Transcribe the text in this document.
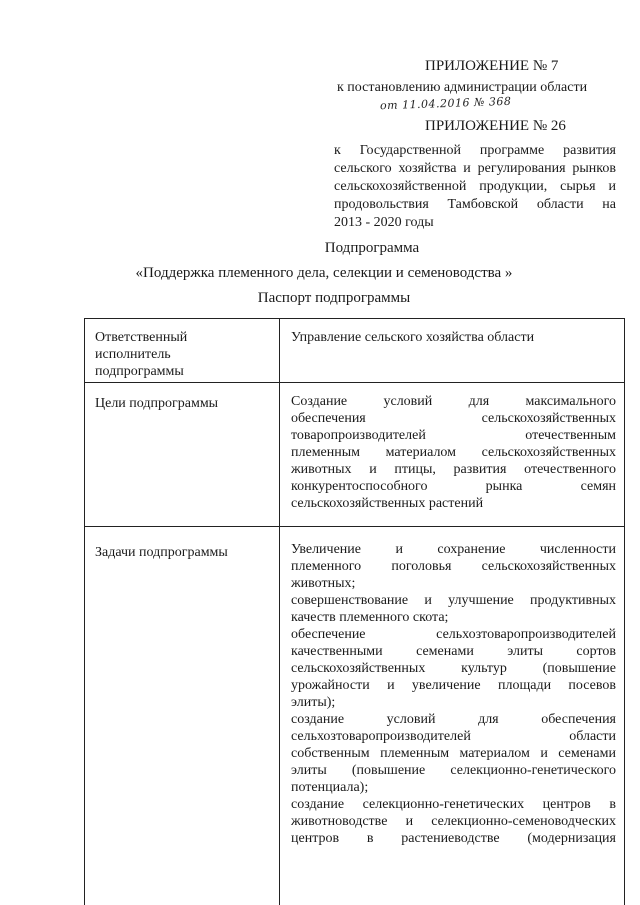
ПРИЛОЖЕНИЕ № 7
к постановлению администрации области
от 11.04.2016 № 368
ПРИЛОЖЕНИЕ № 26
к Государственной программе развития
сельского хозяйства и регулирования рынков
сельскохозяйственной продукции, сырья и
продовольствия Тамбовской области на
2013 - 2020 годы
Подпрограмма
«Поддержка племенного дела, селекции и семеноводства »
Паспорт подпрограммы
Ответственный
исполнитель
подпрограммы
Управление сельского хозяйства области
Цели подпрограммы	Создание условий для максимального
обеспечения сельскохозяйственных
товаропроизводителей отечественным
племенным материалом сельскохозяйственных
животных и птицы, развития отечественного
конкурентоспособного рынка семян
сельскохозяйственных растений
Задачи подпрограммы	Увеличение и сохранение численности
племенного поголовья сельскохозяйственных
животных;
совершенствование и улучшение продуктивных
качеств племенного скота;
обеспечение сельхозтоваропроизводителей
качественными семенами элиты сортов
сельскохозяйственных культур (повышение
урожайности и увеличение площади посевов
элиты);
создание условий для обеспечения
сельхозтоваропроизводителей области
собственным племенным материалом и семенами
элиты (повышение селекционно-генетического
потенциала);
создание селекционно-генетических центров в
животноводстве и селекционно-семеноводческих
центров в растениеводстве (модернизация
